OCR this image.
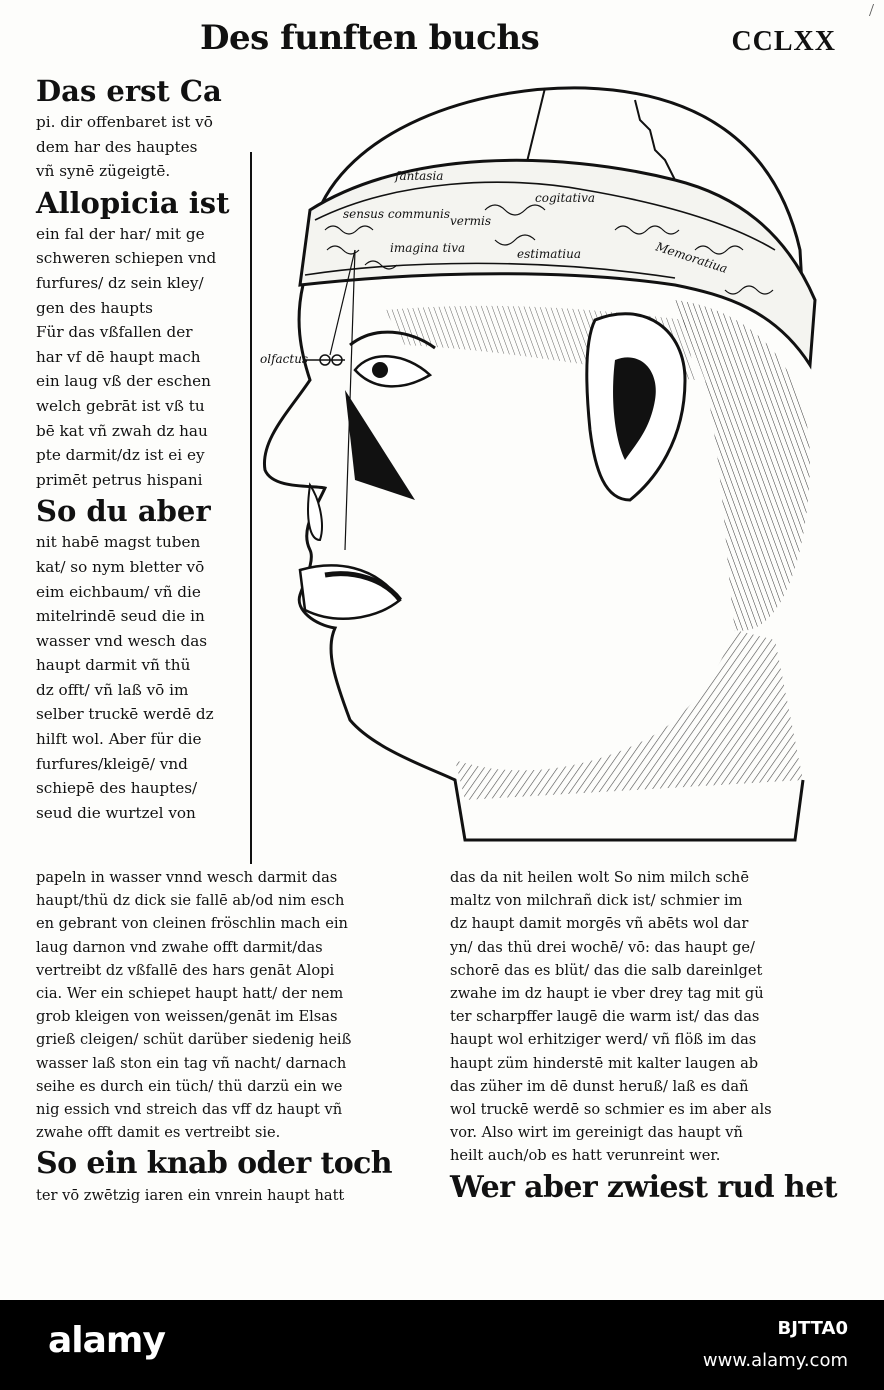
Des funften buchs	CCLXX
/
Das erst Ca
pi. dir offenbaret ist vō
dem har des hauptes
vñ synē zügeigtē.
Allopicia ist
ein fal der har/ mit ge
schweren schiepen vnd
furfures/ dz sein kley/
gen des haupts
Für das vßfallen der
har vf dē haupt mach
ein laug vß der eschen
welch gebrāt ist vß tu
bē kat vñ zwah dz hau
pte darmit/dz ist ei ey
primēt petrus hispani
So du aber
nit habē magst tuben
kat/ so nym bletter vō
eim eichbaum/ vñ die
mitelrindē seud die in
wasser vnd wesch das
haupt darmit vñ thü
dz offt/ vñ laß vō im
selber truckē werdē dz
hilft wol. Aber für die
furfures/kleigē/ vnd
schiepē des hauptes/
seud die wurtzel von
fantasia
sensus communis vermis
cogitativa
imagina tiva	estimatiua	Memoratiua
olfactus
papeln in wasser vnnd wesch darmit das
haupt/thü dz dick sie fallē ab/od nim esch
en gebrant von cleinen fröschlin mach ein
laug darnon vnd zwahe offt darmit/das
vertreibt dz vßfallē des hars genāt Alopi
cia. Wer ein schiepet haupt hatt/ der nem
grob kleigen von weissen/genāt im Elsas
grieß cleigen/ schüt darüber siedenig heiß
wasser laß ston ein tag vñ nacht/ darnach
seihe es durch ein tüch/ thü darzü ein we
nig essich vnd streich das vff dz haupt vñ
zwahe offt damit es vertreibt sie.
So ein knab oder toch
ter vō zwētzig iaren ein vnrein haupt hatt
das da nit heilen wolt So nim milch schē
maltz von milchrañ dick ist/ schmier im
dz haupt damit morgēs vñ abēts wol dar
yn/ das thü drei wochē/ vō: das haupt ge/
schorē das es blüt/ das die salb dareinlget
zwahe im dz haupt ie vber drey tag mit gü
ter scharpffer laugē die warm ist/ das das
haupt wol erhitziger werd/ vñ flöß im das
haupt züm hinderstē mit kalter laugen ab
das züher im dē dunst heruß/ laß es dañ
wol truckē werdē so schmier es im aber als
vor. Also wirt im gereinigt das haupt vñ
heilt auch/ob es hatt verunreint wer.
Wer aber zwiest rud het
alamy	BJTTA0
www.alamy.com
